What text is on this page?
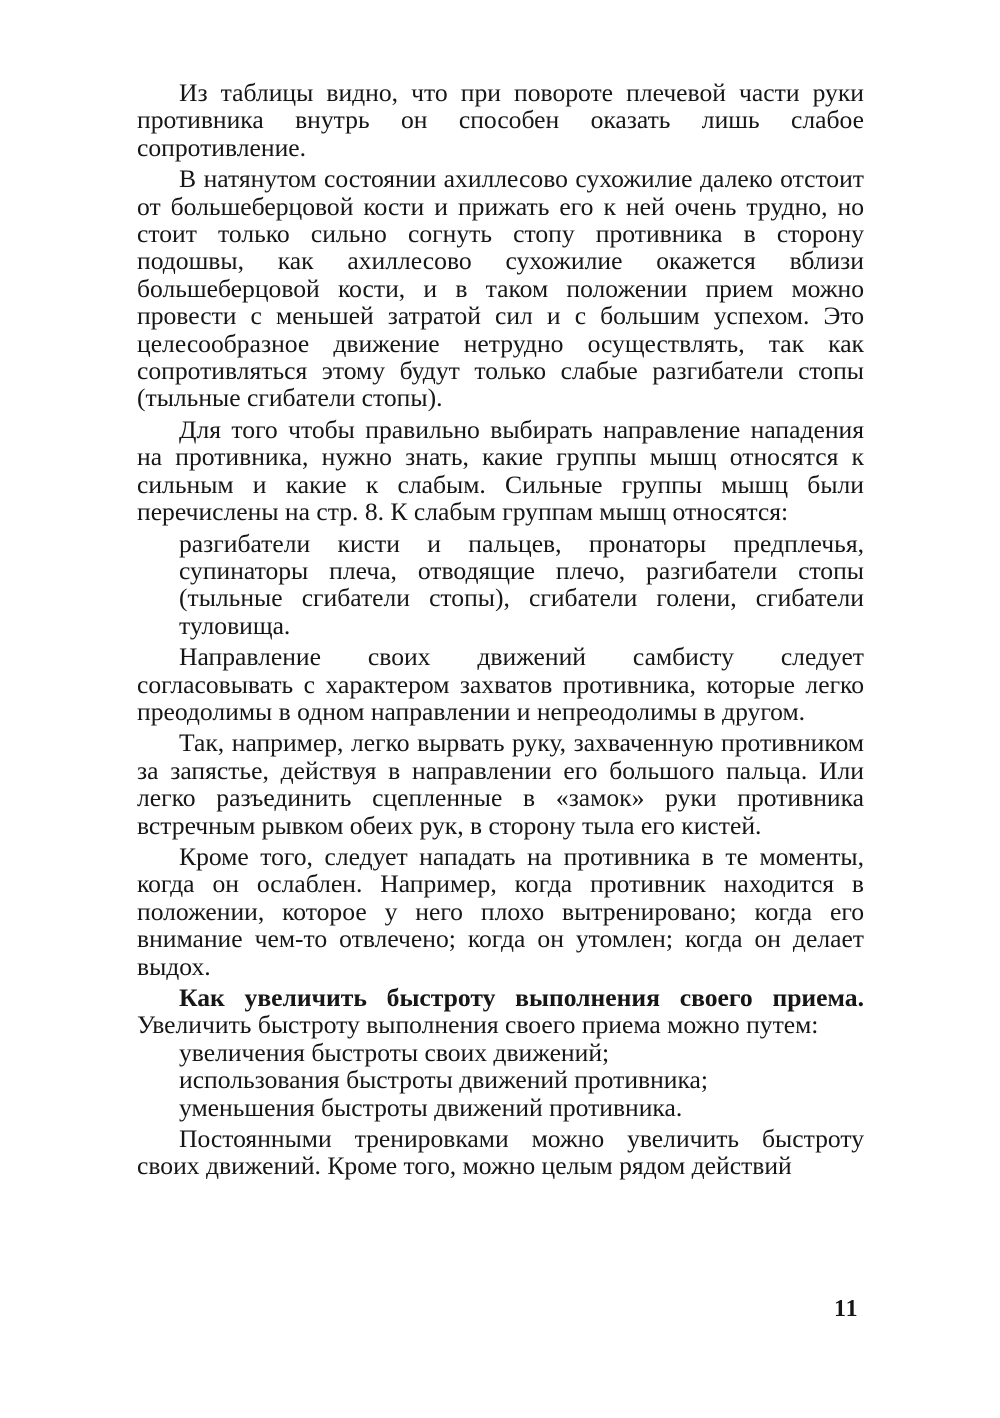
Из таблицы видно, что при повороте плечевой части руки противника внутрь он способен оказать лишь слабое сопротивление.

В натянутом состоянии ахиллесово сухожилие далеко отстоит от большеберцовой кости и прижать его к ней очень трудно, но стоит только сильно согнуть стопу противника в сторону подошвы, как ахиллесово сухожилие окажется вблизи большеберцовой кости, и в таком положении прием можно провести с меньшей затратой сил и с большим успехом. Это целесообразное движение нетрудно осуществлять, так как сопротивляться этому будут только слабые разгибатели стопы (тыльные сгибатели стопы).

Для того чтобы правильно выбирать направление нападения на противника, нужно знать, какие группы мышц относятся к сильным и какие к слабым. Сильные группы мышц были перечислены на стр. 8. К слабым группам мышц относятся:

разгибатели кисти и пальцев, пронаторы предплечья, супинаторы плеча, отводящие плечо, разгибатели стопы (тыльные сгибатели стопы), сгибатели голени, сгибатели туловища.

Направление своих движений самбисту следует согласовывать с характером захватов противника, которые легко преодолимы в одном направлении и непреодолимы в другом.

Так, например, легко вырвать руку, захваченную противником за запястье, действуя в направлении его большого пальца. Или легко разъединить сцепленные в «замок» руки противника встречным рывком обеих рук, в сторону тыла его кистей.

Кроме того, следует нападать на противника в те моменты, когда он ослаблен. Например, когда противник находится в положении, которое у него плохо вытренировано; когда его внимание чем-то отвлечено; когда он утомлен; когда он делает выдох.

Как увеличить быстроту выполнения своего приема. Увеличить быстроту выполнения своего приема можно путем:

увеличения быстроты своих движений;

использования быстроты движений противника;

уменьшения быстроты движений противника.

Постоянными тренировками можно увеличить быстроту своих движений. Кроме того, можно целым рядом действий

11
